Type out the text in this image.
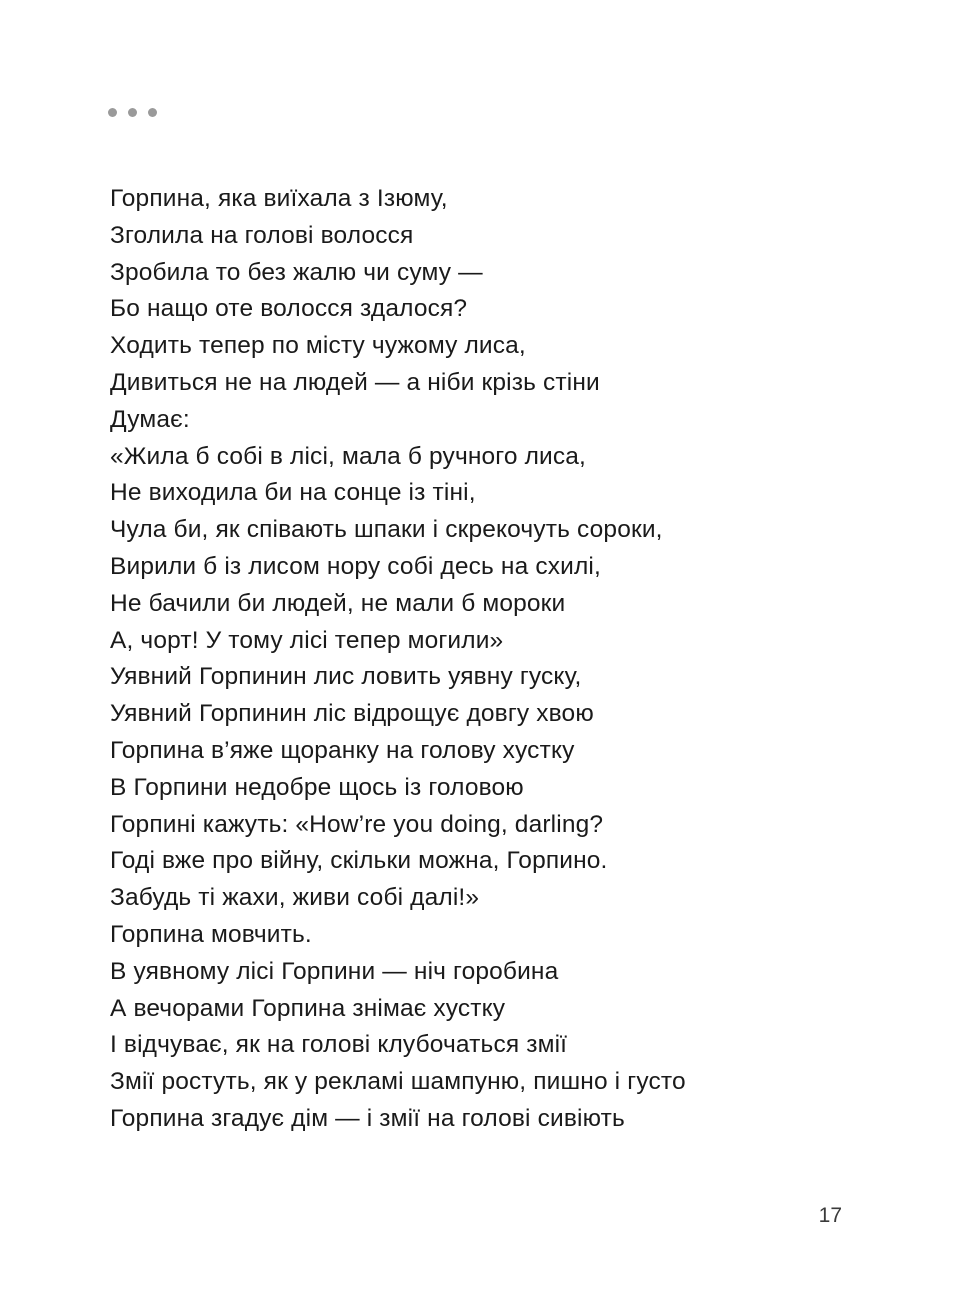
Горпина, яка виїхала з Ізюму,
Зголила на голові волосся
Зробила то без жалю чи суму —
Бо нащо оте волосся здалося?
Ходить тепер по місту чужому лиса,
Дивиться не на людей — а ніби крізь стіни
Думає:
«Жила б собі в лісі, мала б ручного лиса,
Не виходила би на сонце із тіні,
Чула би, як співають шпаки і скрекочуть сороки,
Вирили б із лисом нору собі десь на схилі,
Не бачили би людей, не мали б мороки
А, чорт! У тому лісі тепер могили»
Уявний Горпинин лис ловить уявну гуску,
Уявний Горпинин ліс відрощує довгу хвою
Горпина в’яже щоранку на голову хустку
В Горпини недобре щось із головою
Горпині кажуть: «How’re you doing, darling?
Годі вже про війну, скільки можна, Горпино.
Забудь ті жахи, живи собі далі!»
Горпина мовчить.
В уявному лісі Горпини — ніч горобина
А вечорами Горпина знімає хустку
І відчуває, як на голові клубочаться змії
Змії ростуть, як у рекламі шампуню, пишно і густо
Горпина згадує дім — і змії на голові сивіють
17
